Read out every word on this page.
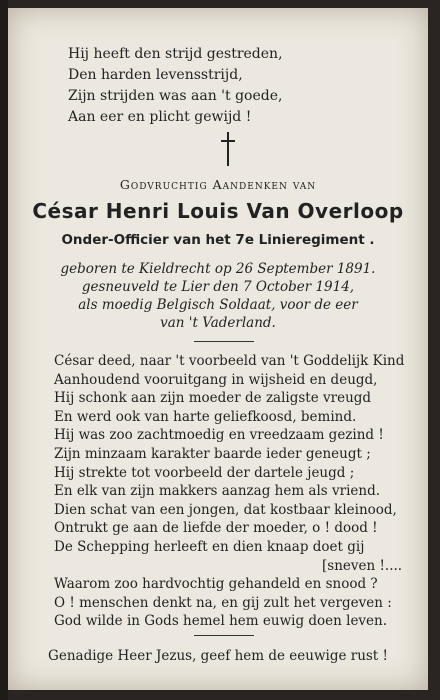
Hij heeft den strijd gestreden,
Den harden levensstrijd,
Zijn strijden was aan 't goede,
Aan eer en plicht gewijd !
Godvruchtig Aandenken van
César Henri Louis Van Overloop
Onder-Officier van het 7e Linieregiment .
geboren te Kieldrecht op 26 September 1891.
gesneuveld te Lier den 7 October 1914,
als moedig Belgisch Soldaat, voor de eer
van 't Vaderland.
César deed, naar 't voorbeeld van 't Goddelijk Kind
Aanhoudend vooruitgang in wijsheid en deugd,
Hij schonk aan zijn moeder de zaligste vreugd
En werd ook van harte geliefkoosd, bemind.
Hij was zoo zachtmoedig en vreedzaam gezind !
Zijn minzaam karakter baarde ieder geneugt ;
Hij strekte tot voorbeeld der dartele jeugd ;
En elk van zijn makkers aanzag hem als vriend.
Dien schat van een jongen, dat kostbaar kleinood,
Ontrukt ge aan de liefde der moeder, o ! dood !
De Schepping herleeft en dien knaap doet gij
[sneven !....
Waarom zoo hardvochtig gehandeld en snood ?
O ! menschen denkt na, en gij zult het vergeven :
God wilde in Gods hemel hem euwig doen leven.
Genadige Heer Jezus, geef hem de eeuwige rust !
